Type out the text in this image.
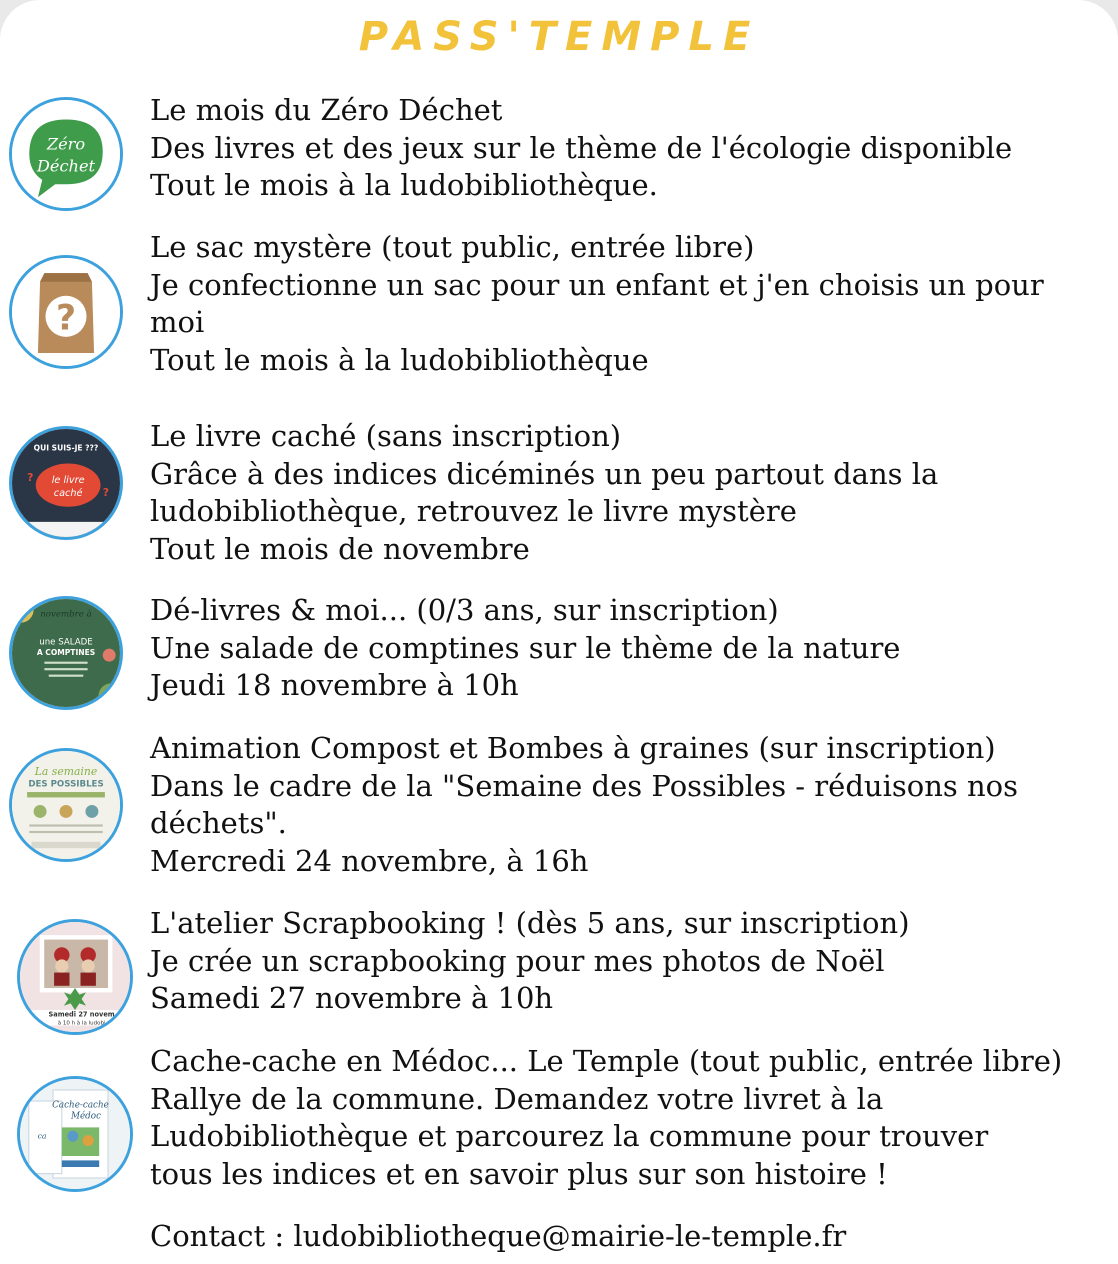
PASS'TEMPLE
Zéro
Déchet
Le mois du Zéro Déchet
Des livres et des jeux sur le thème de l'écologie disponible
Tout le mois à la ludobibliothèque.
?
Le sac mystère (tout public, entrée libre)
Je confectionne un sac pour un enfant et j'en choisis un pour
moi
Tout le mois à la ludobibliothèque
QUI SUIS-JE ???
le livre
caché
?
?
Le livre caché (sans inscription)
Grâce à des indices dicéminés un peu partout dans la
ludobibliothèque, retrouvez le livre mystère
Tout le mois de novembre
novembre à
une SALADE
A COMPTINES
Dé-livres & moi... (0/3 ans, sur inscription)
Une salade de comptines sur le thème de la nature
Jeudi 18 novembre à 10h
La semaine
DES POSSIBLES
Animation Compost et Bombes à graines (sur inscription)
Dans le cadre de la "Semaine des Possibles - réduisons nos
déchets".
Mercredi 24 novembre, à 16h
Samedi 27 novem
à 10 h à la ludobi
L'atelier Scrapbooking ! (dès 5 ans, sur inscription)
Je crée un scrapbooking pour mes photos de Noël
Samedi 27 novembre à 10h
Cache-cache
Médoc
ca
Cache-cache en Médoc... Le Temple (tout public, entrée libre)
Rallye de la commune. Demandez votre livret à la
Ludobibliothèque et parcourez la commune pour trouver
tous les indices et en savoir plus sur son histoire !
Contact : ludobibliotheque@mairie-le-temple.fr
